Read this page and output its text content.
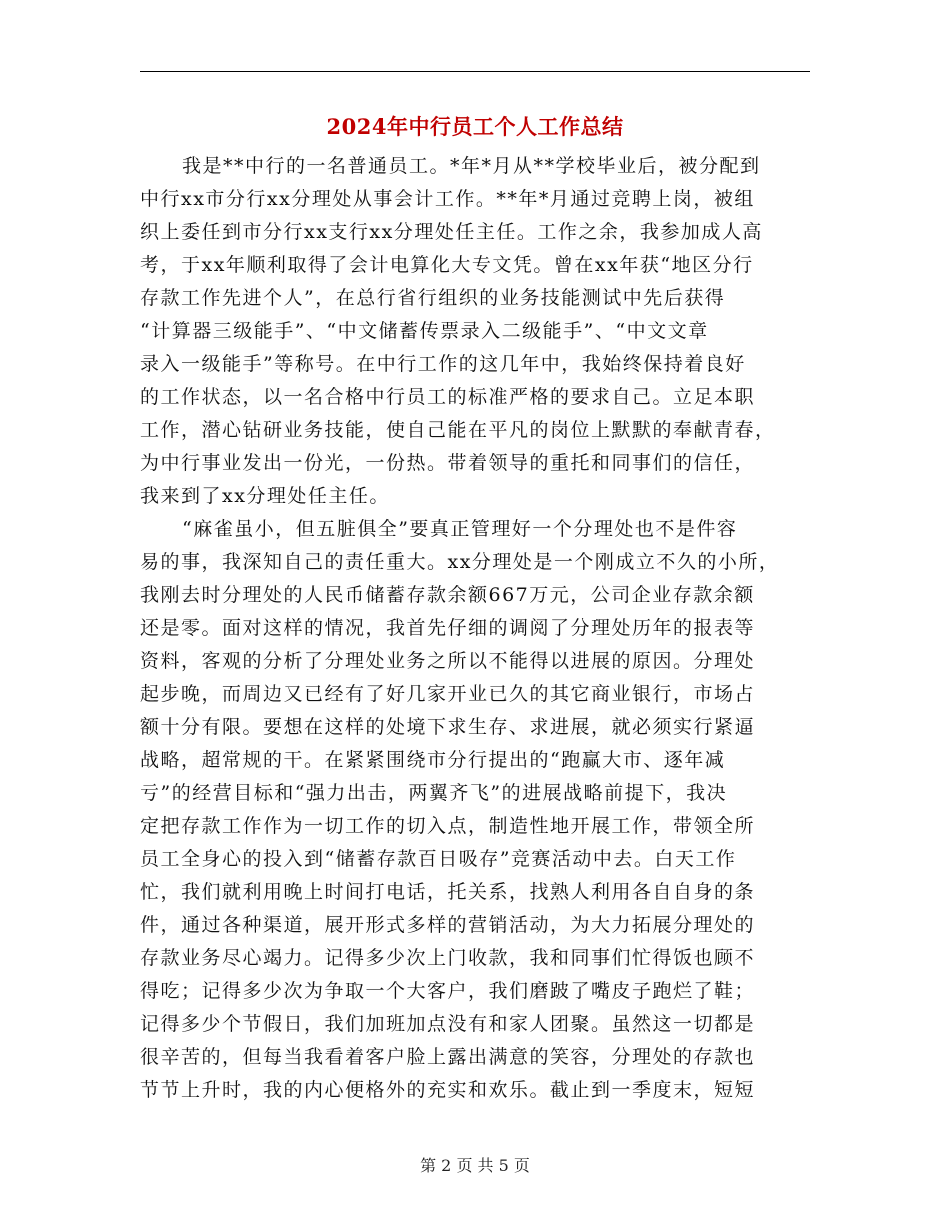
2024年中行员工个人工作总结

我是**中行的一名普通员工。*年*月从**学校毕业后，被分配到
中行xx市分行xx分理处从事会计工作。**年*月通过竞聘上岗，被组
织上委任到市分行xx支行xx分理处任主任。工作之余，我参加成人高
考，于xx年顺利取得了会计电算化大专文凭。曾在xx年获“地区分行
存款工作先进个人”，在总行省行组织的业务技能测试中先后获得
“计算器三级能手”、“中文储蓄传票录入二级能手”、“中文文章
录入一级能手”等称号。在中行工作的这几年中，我始终保持着良好
的工作状态，以一名合格中行员工的标准严格的要求自己。立足本职
工作，潜心钻研业务技能，使自己能在平凡的岗位上默默的奉献青春，
为中行事业发出一份光，一份热。带着领导的重托和同事们的信任，
我来到了xx分理处任主任。

“麻雀虽小，但五脏俱全”要真正管理好一个分理处也不是件容
易的事，我深知自己的责任重大。xx分理处是一个刚成立不久的小所，
我刚去时分理处的人民币储蓄存款余额667万元，公司企业存款余额
还是零。面对这样的情况，我首先仔细的调阅了分理处历年的报表等
资料，客观的分析了分理处业务之所以不能得以进展的原因。分理处
起步晚，而周边又已经有了好几家开业已久的其它商业银行，市场占
额十分有限。要想在这样的处境下求生存、求进展，就必须实行紧逼
战略，超常规的干。在紧紧围绕市分行提出的“跑赢大市、逐年减
亏”的经营目标和“强力出击，两翼齐飞”的进展战略前提下，我决
定把存款工作作为一切工作的切入点，制造性地开展工作，带领全所
员工全身心的投入到“储蓄存款百日吸存”竞赛活动中去。白天工作
忙，我们就利用晚上时间打电话，托关系，找熟人利用各自自身的条
件，通过各种渠道，展开形式多样的营销活动，为大力拓展分理处的
存款业务尽心竭力。记得多少次上门收款，我和同事们忙得饭也顾不
得吃；记得多少次为争取一个大客户，我们磨跛了嘴皮子跑烂了鞋；
记得多少个节假日，我们加班加点没有和家人团聚。虽然这一切都是
很辛苦的，但每当我看着客户脸上露出满意的笑容，分理处的存款也
节节上升时，我的内心便格外的充实和欢乐。截止到一季度末，短短

第 2 页 共 5 页
